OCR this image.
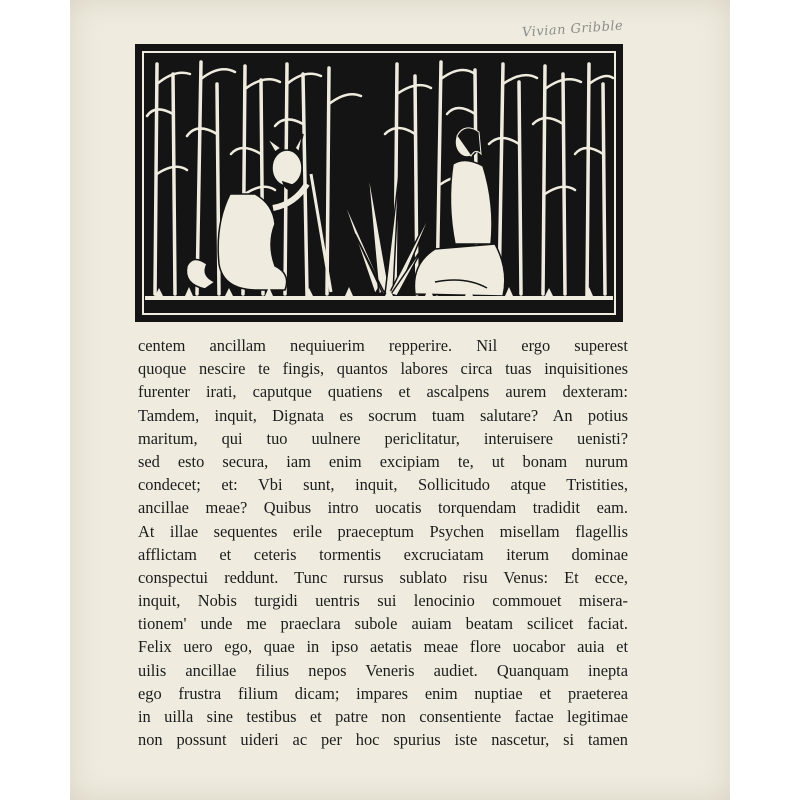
Vivian Gribble
centem ancillam nequiuerim repperire. Nil ergo superest
quoque nescire te fingis, quantos labores circa tuas inquisitiones
furenter irati, caputque quatiens et ascalpens aurem dexteram:
Tamdem, inquit, Dignata es socrum tuam salutare? An potius
maritum, qui tuo uulnere periclitatur, interuisere uenisti?
sed esto secura, iam enim excipiam te, ut bonam nurum
condecet; et: Vbi sunt, inquit, Sollicitudo atque Tristities,
ancillae meae? Quibus intro uocatis torquendam tradidit eam.
At illae sequentes erile praeceptum Psychen misellam flagellis
afflictam et ceteris tormentis excruciatam iterum dominae
conspectui reddunt. Tunc rursus sublato risu Venus: Et ecce,
inquit, Nobis turgidi uentris sui lenocinio commouet misera-
tionem' unde me praeclara subole auiam beatam scilicet faciat.
Felix uero ego, quae in ipso aetatis meae flore uocabor auia et
uilis ancillae filius nepos Veneris audiet. Quanquam inepta
ego frustra filium dicam; impares enim nuptiae et praeterea
in uilla sine testibus et patre non consentiente factae legitimae
non possunt uideri ac per hoc spurius iste nascetur, si tamen
